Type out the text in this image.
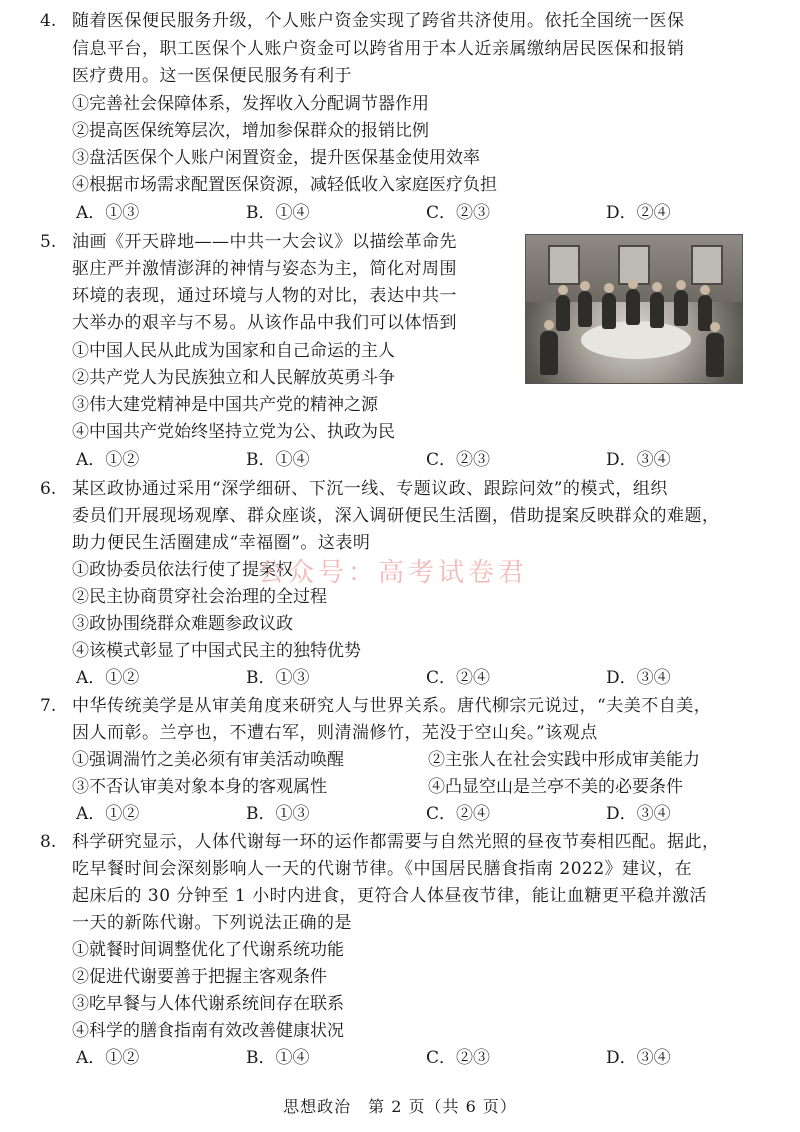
4. 随着医保便民服务升级，个人账户资金实现了跨省共济使用。依托全国统一医保
信息平台，职工医保个人账户资金可以跨省用于本人近亲属缴纳居民医保和报销
医疗费用。这一医保便民服务有利于
①完善社会保障体系，发挥收入分配调节器作用
②提高医保统筹层次，增加参保群众的报销比例
③盘活医保个人账户闲置资金，提升医保基金使用效率
④根据市场需求配置医保资源，减轻低收入家庭医疗负担
A．①③	B．①④	C．②③	D．②④
5. 油画《开天辟地——中共一大会议》以描绘革命先
驱庄严并激情澎湃的神情与姿态为主，简化对周围
环境的表现，通过环境与人物的对比，表达中共一
大举办的艰辛与不易。从该作品中我们可以体悟到
①中国人民从此成为国家和自己命运的主人
②共产党人为民族独立和人民解放英勇斗争
③伟大建党精神是中国共产党的精神之源
④中国共产党始终坚持立党为公、执政为民
A．①②	B．①④	C．②③	D．③④
6. 某区政协通过采用“深学细研、下沉一线、专题议政、跟踪问效”的模式，组织
委员们开展现场观摩、群众座谈，深入调研便民生活圈，借助提案反映群众的难题，
助力便民生活圈建成“幸福圈”。这表明
①政协委员依法行使了提案权
②民主协商贯穿社会治理的全过程
③政协围绕群众难题参政议政
④该模式彰显了中国式民主的独特优势
A．①②	B．①③	C．②④	D．③④
公众号：高考试卷君
7. 中华传统美学是从审美角度来研究人与世界关系。唐代柳宗元说过，“夫美不自美，
因人而彰。兰亭也，不遭右军，则清湍修竹，芜没于空山矣。”该观点
①强调湍竹之美必须有审美活动唤醒	②主张人在社会实践中形成审美能力
③不否认审美对象本身的客观属性	④凸显空山是兰亭不美的必要条件
A．①②	B．①③	C．②④	D．③④
8. 科学研究显示，人体代谢每一环的运作都需要与自然光照的昼夜节奏相匹配。据此，
吃早餐时间会深刻影响人一天的代谢节律。《中国居民膳食指南 2022》建议，在
起床后的 30 分钟至 1 小时内进食，更符合人体昼夜节律，能让血糖更平稳并激活
一天的新陈代谢。下列说法正确的是
①就餐时间调整优化了代谢系统功能
②促进代谢要善于把握主客观条件
③吃早餐与人体代谢系统间存在联系
④科学的膳食指南有效改善健康状况
A．①②	B．①④	C．②③	D．③④
思想政治　第 2 页（共 6 页）
